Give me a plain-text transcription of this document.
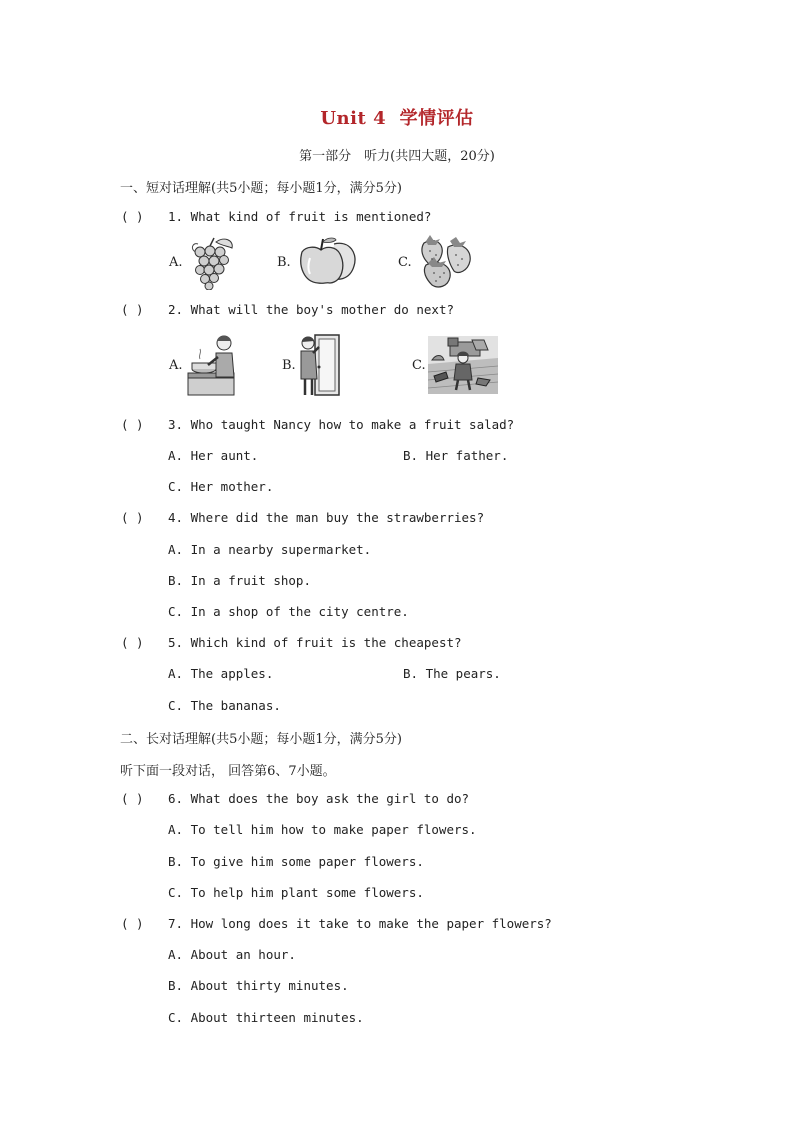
Unit 4 学情评估
第一部分　听力(共四大题，20分)
一、短对话理解(共5小题；每小题1分，满分5分)
( ) 1. What kind of fruit is mentioned?
A.	B.	C.
( ) 2. What will the boy's mother do next?
A.	B.	C.
( ) 3. Who taught Nancy how to make a fruit salad?
A. Her aunt.	B. Her father.
C. Her mother.
( ) 4. Where did the man buy the strawberries?
A. In a nearby supermarket.
B. In a fruit shop.
C. In a shop of the city centre.
( ) 5. Which kind of fruit is the cheapest?
A. The apples.	B. The pears.
C. The bananas.
二、长对话理解(共5小题；每小题1分，满分5分)
听下面一段对话， 回答第6、7小题。
( ) 6. What does the boy ask the girl to do?
A. To tell him how to make paper flowers.
B. To give him some paper flowers.
C. To help him plant some flowers.
( ) 7. How long does it take to make the paper flowers?
A. About an hour.
B. About thirty minutes.
C. About thirteen minutes.
